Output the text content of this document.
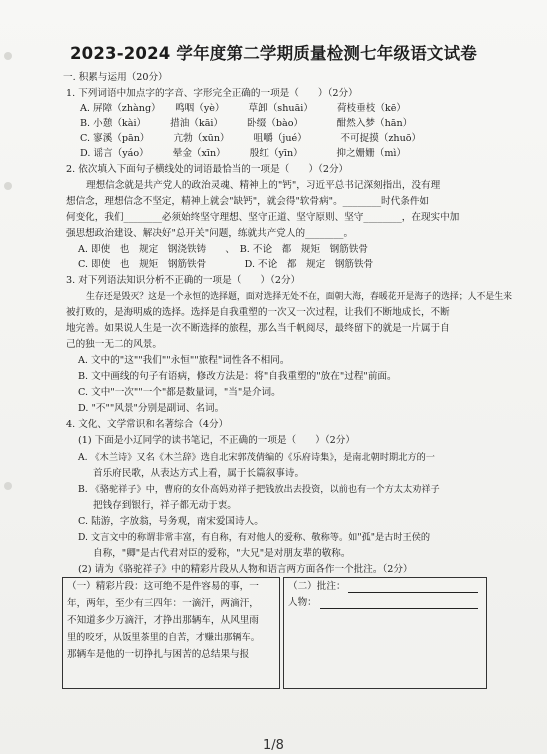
2023-2024 学年度第二学期质量检测七年级语文试卷
一. 积累与运用（20分）
1. 下列词语中加点字的字音、字形完全正确的一项是（　　）（2分）
A. 屏障（zhàng）　　鸣咽（yè）　　　草卸（shuāi）　　　荷枝垂枝（kē）
B. 小憩（kài）　　　措油（kāi）　　　卧缀（bào）　　　　酣然入梦（hān）
C. 寥溪（pān）　　　亢勃（xūn）　　　咀嚼（jué）　　　　不可捉摸（zhuō）
D. 谣言（yáo）　　　晕金（xīn）　　　殷红（yīn）　　　　抑之姗姗（mì）
2. 依次填入下面句子横线处的词语最恰当的一项是（　　）（2分）
理想信念就是共产党人的政治灵魂、精神上的"钙"，习近平总书记深刻指出，没有理
想信念，理想信念不坚定，精神上就会"缺钙"，就会得"软骨病"。________时代条件如
何变化，我们________必须始终坚守理想、坚守正道、坚守原则、坚守________，在现实中加
强思想政治建设、解决好"总开关"问题，练就共产党人的________。
A. 即使　也　规定　钢浇铁铸　　、　B. 不论　都　规矩　钢筋铁骨
C. 即使　也　规矩　钢筋铁骨　　　　D. 不论　都　规定　钢筋铁骨
3. 对下列语法知识分析不正确的一项是（　　）（2分）
生存还是毁灭？这是一个永恒的选择题，面对选择无处不在，面朝大海，春暖花开是海子的选择；人不是生来
被打败的，是海明威的选择。选择是自我重塑的一次又一次过程，让我们不断地成长，不断
地完善。如果说人生是一次不断选择的旅程，那么当千帆阅尽，最终留下的就是一片属于自
己的独一无二的风景。
A. 文中的"这""我们""永恒""旅程"词性各不相同。
B. 文中画线的句子有语病，修改方法是：将"自我重塑的"放在"过程"前面。
C. 文中"一次""一个"都是数量词，"当"是介词。
D. "不""风景"分别是副词、名词。
4. 文化、文学常识和名著综合（4分）
(1) 下面是小辽同学的读书笔记，不正确的一项是（　　）（2分）
A. 《木兰诗》又名《木兰辞》选自北宋郭茂倩编的《乐府诗集》，是南北朝时期北方的一
首乐府民歌，从表达方式上看，属于长篇叙事诗。
B. 《骆驼祥子》中，曹府的女仆高妈劝祥子把钱放出去投资，以前也有一个方太太劝祥子
把钱存到银行，祥子都无动于衷。
C. 陆游，字放翁，号务观，南宋爱国诗人。
D. 文言文中的称谓非常丰富，有自称，有对他人的爱称、敬称等。如"孤"是古时王侯的
自称，"卿"是古代君对臣的爱称，"大兄"是对朋友辈的敬称。
(2) 请为《骆驼祥子》中的精彩片段从人物和语言两方面各作一个批注。（2分）
（一）精彩片段：这可绝不是件容易的事，一
年，两年，至少有三四年：一滴汗，两滴汗，
不知道多少万滴汗，才挣出那辆车，从风里雨
里的咬牙，从饭里茶里的自苦，才赚出那辆车。
那辆车是他的一切挣扎与困苦的总结果与报
（二）批注：
人物：
1/8
